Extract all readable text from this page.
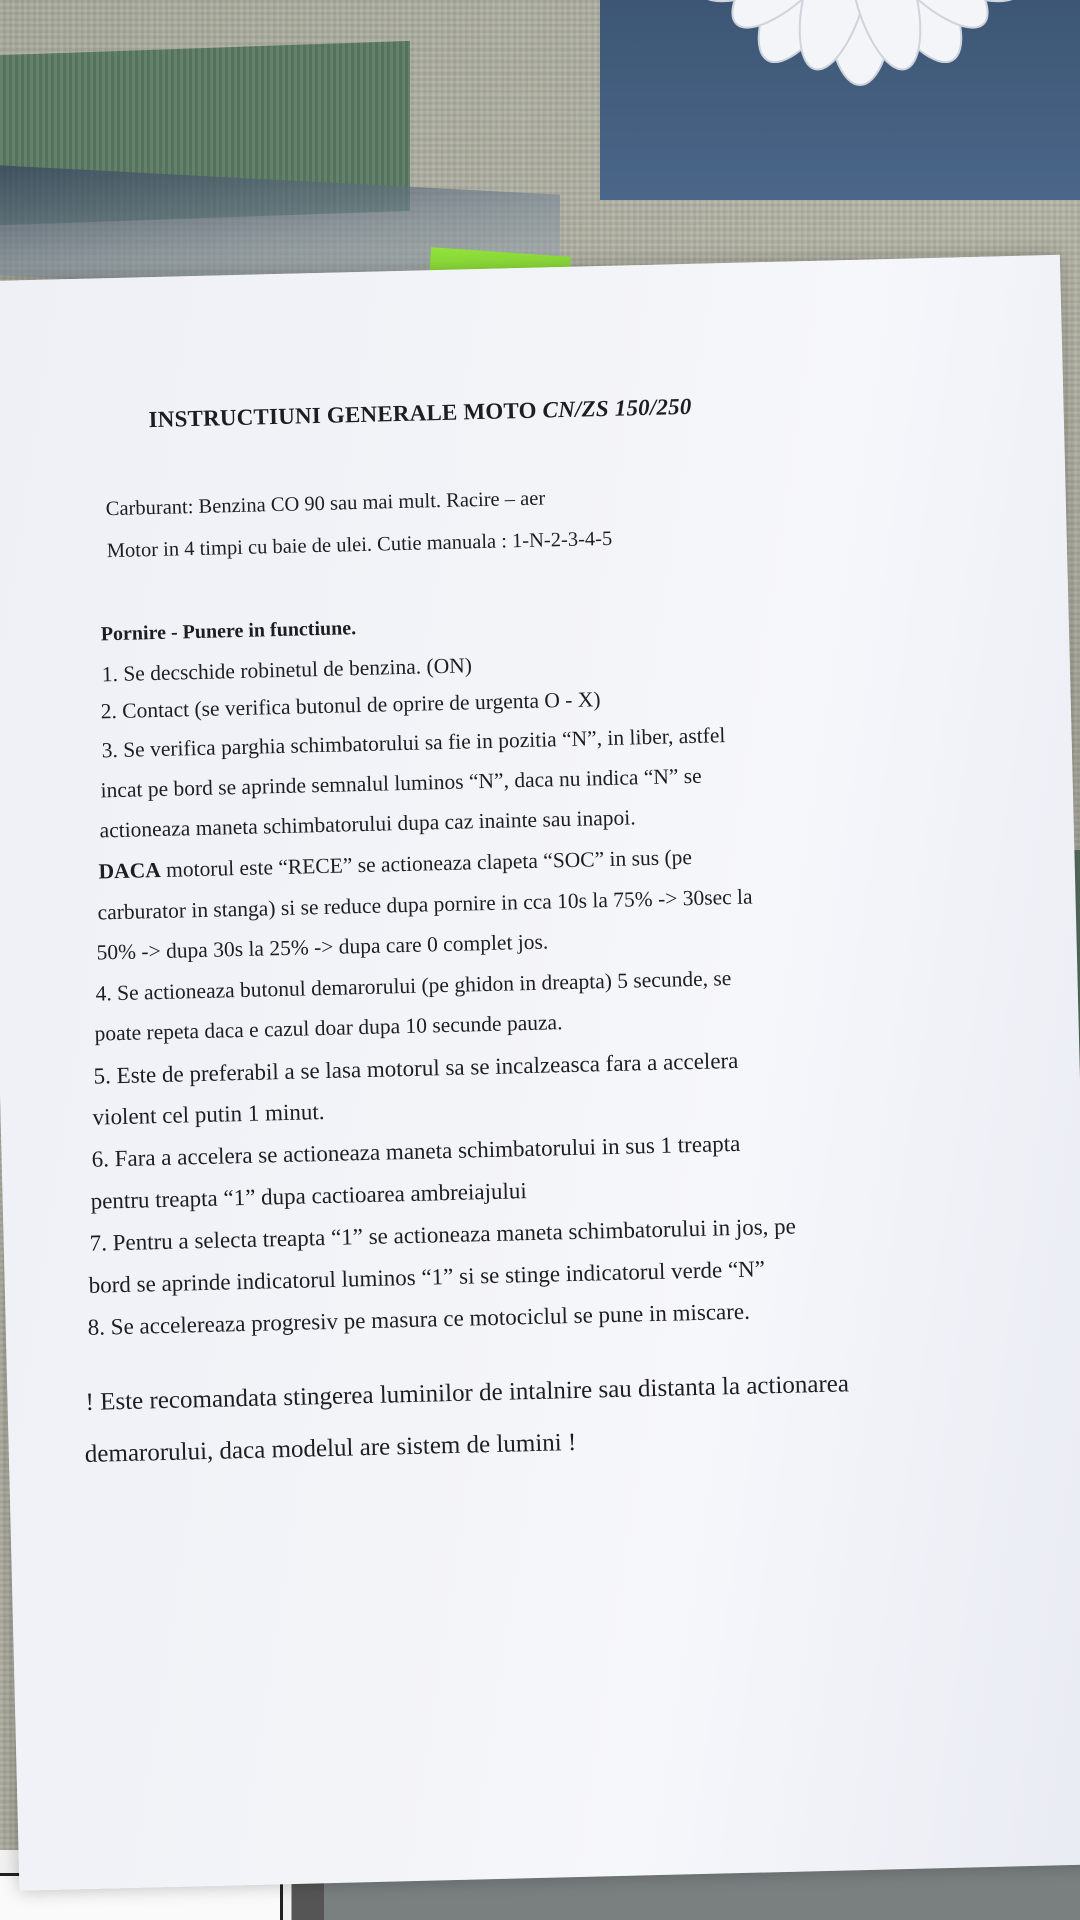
INSTRUCTIUNI GENERALE MOTO CN/ZS 150/250
Carburant: Benzina CO 90 sau mai mult. Racire – aer
Motor in 4 timpi cu baie de ulei. Cutie manuala : 1-N-2-3-4-5
Pornire - Punere in functiune.
1. Se decschide robinetul de benzina. (ON)
2. Contact (se verifica butonul de oprire de urgenta O - X)
3. Se verifica parghia schimbatorului sa fie in pozitia “N”, in liber, astfel
incat pe bord se aprinde semnalul luminos “N”, daca nu indica “N” se
actioneaza maneta schimbatorului dupa caz inainte sau inapoi.
DACA motorul este “RECE” se actioneaza clapeta “SOC” in sus (pe
carburator in stanga) si se reduce dupa pornire in cca 10s la 75% -> 30sec la
50% -> dupa 30s la 25% -> dupa care 0 complet jos.
4. Se actioneaza butonul demarorului (pe ghidon in dreapta) 5 secunde, se
poate repeta daca e cazul doar dupa 10 secunde pauza.
5. Este de preferabil a se lasa motorul sa se incalzeasca fara a accelera
violent cel putin 1 minut.
6. Fara a accelera se actioneaza maneta schimbatorului in sus 1 treapta
pentru treapta “1” dupa cactioarea ambreiajului
7. Pentru a selecta treapta “1” se actioneaza maneta schimbatorului in jos, pe
bord se aprinde indicatorul luminos “1” si se stinge indicatorul verde “N”
8. Se accelereaza progresiv pe masura ce motociclul se pune in miscare.
! Este recomandata stingerea luminilor de intalnire sau distanta la actionarea
demarorului, daca modelul are sistem de lumini !
